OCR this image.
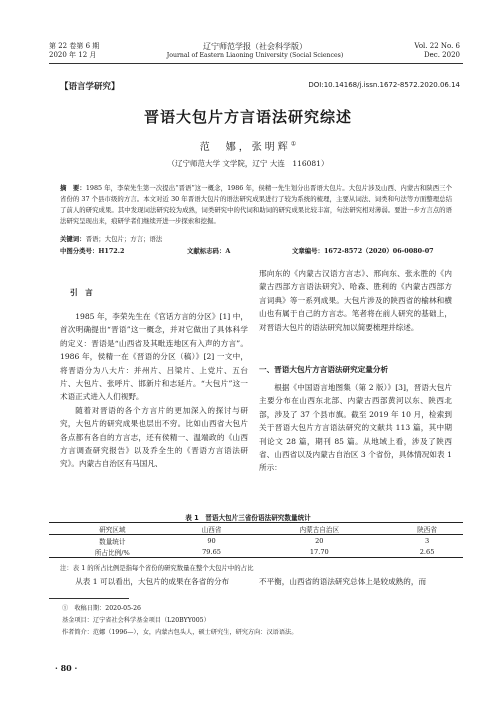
第 22 卷第 6 期
2020 年 12 月
辽宁师范学报（社会科学版）
Journal of Eastern Liaoning University (Social Sciences)
Vol. 22 No. 6
Dec. 2020
【语言学研究】	DOI:10.14168/j.issn.1672-8572.2020.06.14
晋语大包片方言语法研究综述
范　娜，张明辉①
（辽宁师范大学 文学院，辽宁 大连　116081）
摘　要：1985 年，李荣先生第一次提出“晋语”这一概念，1986 年，侯精一先生划分出晋语大包片。大包片涉及山西、内蒙古和陕西三个省份的 37 个县市级的方言。本文对近 30 年晋语大包片的语法研究成果进行了较为系统的梳理，主要从词法、词类和句法等方面整理总结了前人的研究成果。其中发现词法研究较为成熟，词类研究中的代词和助词的研究成果比较丰富，句法研究相对薄弱。要进一步方言点的语法研究呈现出来，痕研学者们继续开进一步探索和挖掘。
关键词：晋语；大包片；方言；语法
中图分类号：H172.2	文献标志码：A	文章编号：1672-8572（2020）06-0080-07
引　言

1985 年，李荣先生在《官话方言的分区》[1] 中，首次明确提出“晋语”这一概念，并对它做出了具体科学的定义：晋语是“山西省及其毗连地区有入声的方言”。1986 年，侯精一在《晋语的分区（稿）》[2] 一文中，将晋语分为八大片：并州片、吕梁片、上党片、五台片、大包片、张呼片、邯新片和志延片。“大包片”这一术语正式进入人们视野。

随着对晋语的各个方言片的更加深入的探讨与研究，大包片的研究成果也层出不穷。比如山西省大包片各点都有各自的方言志，还有侯精一、温端政的《山西方言调查研究报告》以及乔全生的《晋语方言语法研究》。内蒙古自治区有马国凡、

邢向东的《内蒙古汉语方言志》、邢向东、张永胜的《内蒙古西部方言语法研究》、哈森、胜利的《内蒙古西部方言词典》等一系列成果。大包片涉及的陕西省的榆林和横山也有属于自己的方言志。笔者将在前人研究的基础上，对晋语大包片的语法研究加以简要梳理并综述。

一、晋语大包片方言语法研究定量分析

根据《中国语言地图集（第 2 版）》[3]，晋语大包片主要分布在山西东北部、内蒙古西部黄河以东、陕西北部，涉及了 37 个县市旗。截至 2019 年 10 月，检索到关于晋语大包片方言语法研究的文献共 113 篇，其中期刊论文 28 篇，期刊 85 篇。从地域上看，涉及了陕西省、山西省以及内蒙古自治区 3 个省份，具体情况如表 1 所示：

表 1　晋语大包片三省份语法研究数量统计
研究区域	山西省	内蒙古自治区	陕西省
数量统计	90	20	3
所占比例/%	79.65	17.70	2.65
注：表 1 的所占比例是指每个省份的研究数量在整个大包片中的占比

从表 1 可以看出，大包片的成果在各省的分布	不平衡，山西省的语法研究总体上是较成熟的，而

①　收稿日期：2020-05-26
基金项目：辽宁省社会科学基金项目（L20BYY005）
作者简介：范娜（1996—），女，内蒙古包头人，硕士研究生，研究方向：汉语语法。
· 80 ·
